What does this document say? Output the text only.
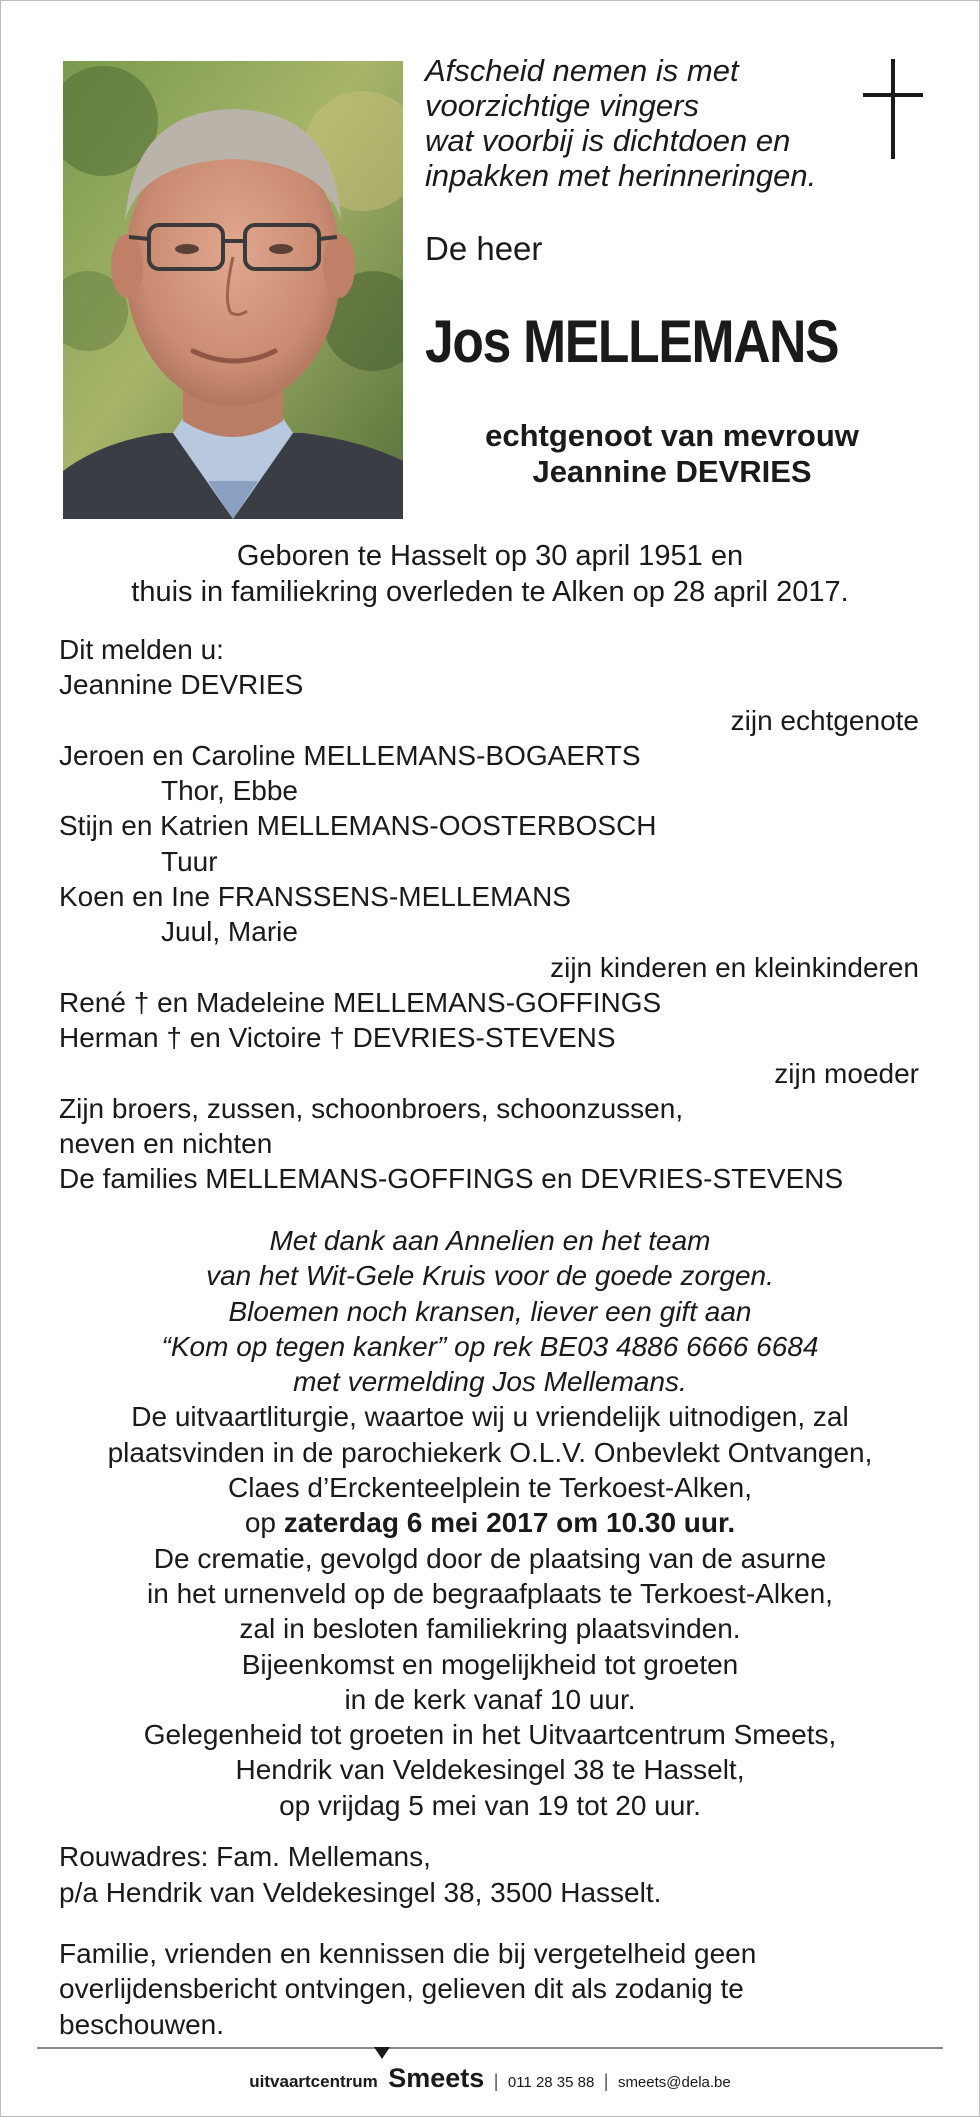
Afscheid nemen is met
voorzichtige vingers
wat voorbij is dichtdoen en
inpakken met herinneringen.
De heer
Jos MELLEMANS
echtgenoot van mevrouw
Jeannine DEVRIES
Geboren te Hasselt op 30 april 1951 en
thuis in familiekring overleden te Alken op 28 april 2017.
Dit melden u:
Jeannine DEVRIES
zijn echtgenote
Jeroen en Caroline MELLEMANS-BOGAERTS
Thor, Ebbe
Stijn en Katrien MELLEMANS-OOSTERBOSCH
Tuur
Koen en Ine FRANSSENS-MELLEMANS
Juul, Marie
zijn kinderen en kleinkinderen
René † en Madeleine MELLEMANS-GOFFINGS
Herman † en Victoire † DEVRIES-STEVENS
zijn moeder
Zijn broers, zussen, schoonbroers, schoonzussen,
neven en nichten
De families MELLEMANS-GOFFINGS en DEVRIES-STEVENS
Met dank aan Annelien en het team
van het Wit-Gele Kruis voor de goede zorgen.
Bloemen noch kransen, liever een gift aan
“Kom op tegen kanker” op rek BE03 4886 6666 6684
met vermelding Jos Mellemans.
De uitvaartliturgie, waartoe wij u vriendelijk uitnodigen, zal
plaatsvinden in de parochiekerk O.L.V. Onbevlekt Ontvangen,
Claes d’Erckenteelplein te Terkoest-Alken,
op zaterdag 6 mei 2017 om 10.30 uur.
De crematie, gevolgd door de plaatsing van de asurne
in het urnenveld op de begraafplaats te Terkoest-Alken,
zal in besloten familiekring plaatsvinden.
Bijeenkomst en mogelijkheid tot groeten
in de kerk vanaf 10 uur.
Gelegenheid tot groeten in het Uitvaartcentrum Smeets,
Hendrik van Veldekesingel 38 te Hasselt,
op vrijdag 5 mei van 19 tot 20 uur.
Rouwadres: Fam. Mellemans,
p/a Hendrik van Veldekesingel 38, 3500 Hasselt.
Familie, vrienden en kennissen die bij vergetelheid geen
overlijdensbericht ontvingen, gelieven dit als zodanig te
beschouwen.
uitvaartcentrum Smeets | 011 28 35 88 | smeets@dela.be
